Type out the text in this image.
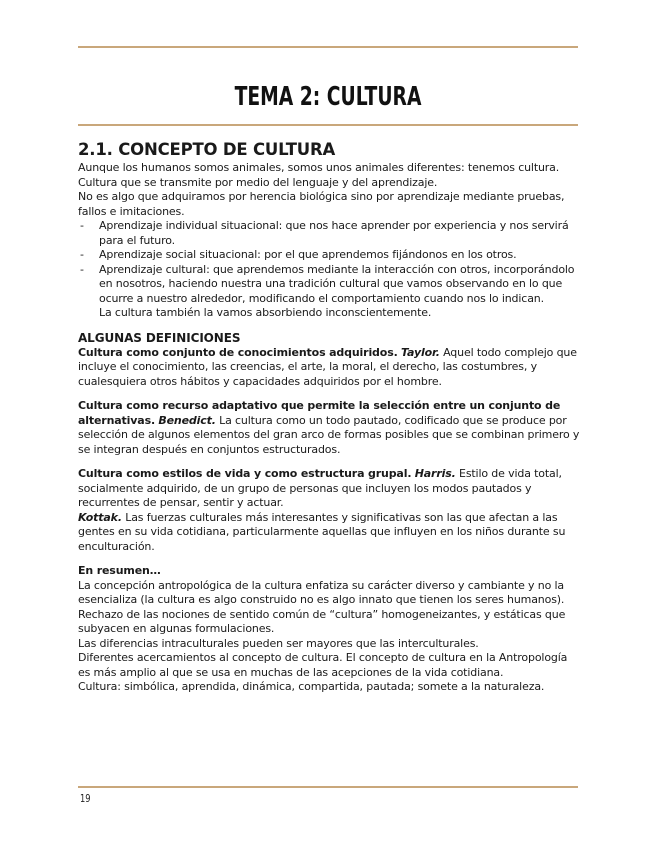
TEMA 2: CULTURA
2.1. CONCEPTO DE CULTURA

Aunque los humanos somos animales, somos unos animales diferentes: tenemos cultura.

Cultura que se transmite por medio del lenguaje y del aprendizaje.

No es algo que adquiramos por herencia biológica sino por aprendizaje mediante pruebas, fallos e imitaciones.

- Aprendizaje individual situacional: que nos hace aprender por experiencia y nos servirá para el futuro.
- Aprendizaje social situacional: por el que aprendemos fijándonos en los otros.
- Aprendizaje cultural: que aprendemos mediante la interacción con otros, incorporándolo en nosotros, haciendo nuestra una tradición cultural que vamos observando en lo que ocurre a nuestro alrededor, modificando el comportamiento cuando nos lo indican.

La cultura también la vamos absorbiendo inconscientemente.

ALGUNAS DEFINICIONES

Cultura como conjunto de conocimientos adquiridos. Taylor. Aquel todo complejo que incluye el conocimiento, las creencias, el arte, la moral, el derecho, las costumbres, y cualesquiera otros hábitos y capacidades adquiridos por el hombre.

Cultura como recurso adaptativo que permite la selección entre un conjunto de alternativas. Benedict. La cultura como un todo pautado, codificado que se produce por selección de algunos elementos del gran arco de formas posibles que se combinan primero y se integran después en conjuntos estructurados.

Cultura como estilos de vida y como estructura grupal. Harris. Estilo de vida total, socialmente adquirido, de un grupo de personas que incluyen los modos pautados y recurrentes de pensar, sentir y actuar.

Kottak. Las fuerzas culturales más interesantes y significativas son las que afectan a las gentes en su vida cotidiana, particularmente aquellas que influyen en los niños durante su enculturación.

En resumen…

La concepción antropológica de la cultura enfatiza su carácter diverso y cambiante y no la esencializa (la cultura es algo construido no es algo innato que tienen los seres humanos).

Rechazo de las nociones de sentido común de “cultura” homogeneizantes, y estáticas que subyacen en algunas formulaciones.

Las diferencias intraculturales pueden ser mayores que las interculturales.

Diferentes acercamientos al concepto de cultura. El concepto de cultura en la Antropología es más amplio al que se usa en muchas de las acepciones de la vida cotidiana.

Cultura: simbólica, aprendida, dinámica, compartida, pautada; somete a la naturaleza.

19
